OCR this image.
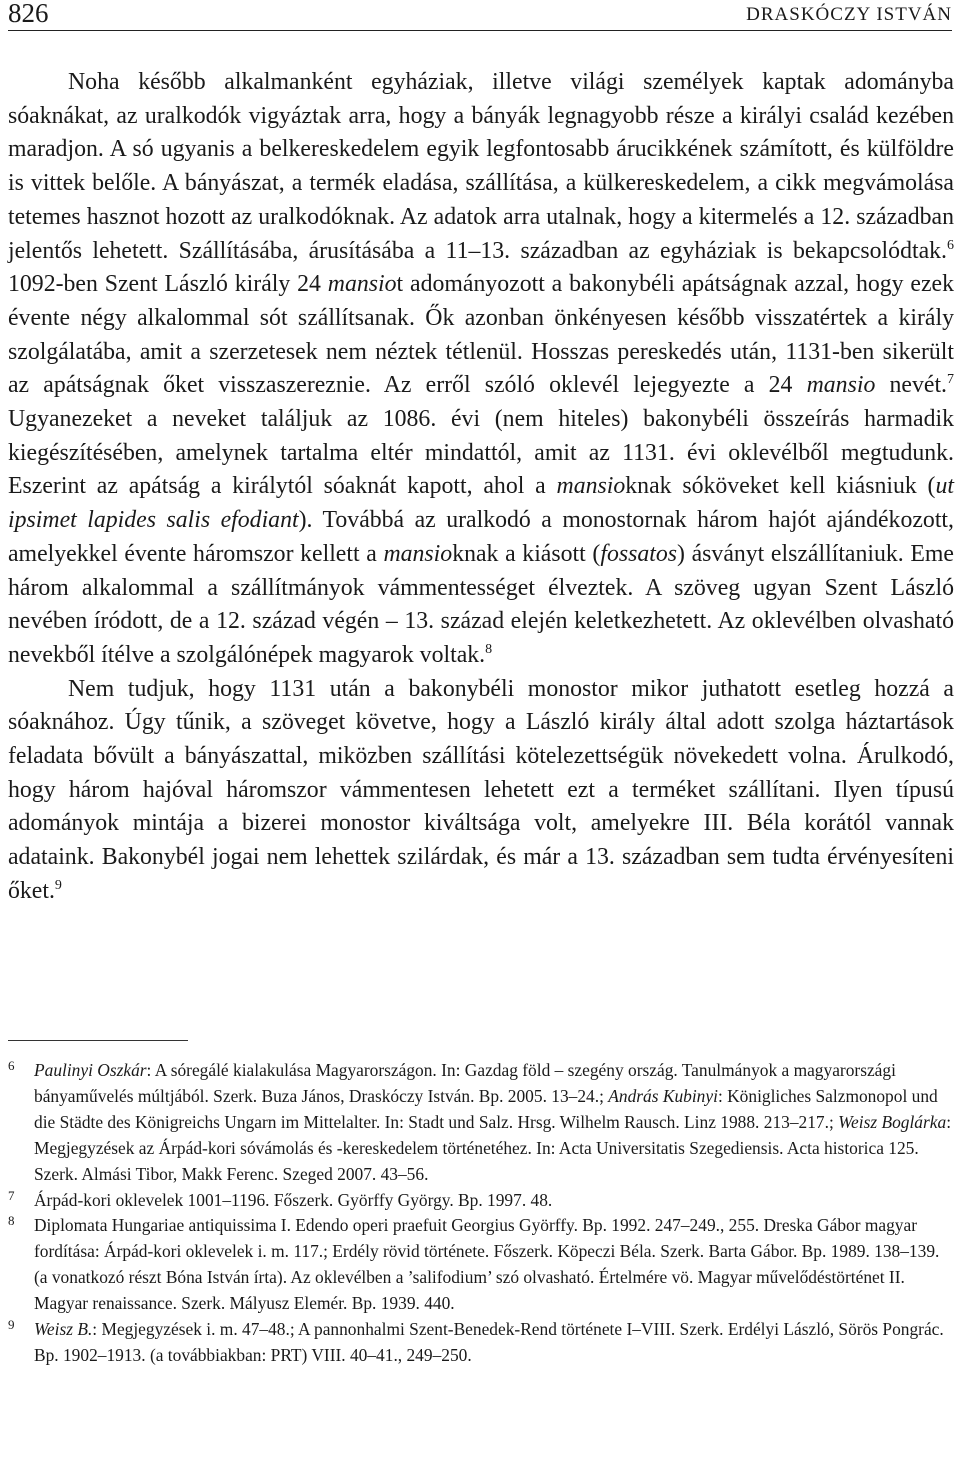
826	DRASKÓCZY ISTVÁN

Noha később alkalmanként egyháziak, illetve világi személyek kaptak adományba sóaknákat, az uralkodók vigyáztak arra, hogy a bányák legnagyobb része a királyi család kezében maradjon. A só ugyanis a belkereskedelem egyik legfontosabb árucikkének számított, és külföldre is vittek belőle. A bányászat, a termék eladása, szállítása, a külkereskedelem, a cikk megvámolása tetemes hasznot hozott az uralkodóknak. Az adatok arra utalnak, hogy a kitermelés a 12. században jelentős lehetett. Szállításába, árusításába a 11–13. században az egyháziak is bekapcsolódtak.$^6$ 1092-ben Szent László király 24 mansiot adományozott a bakonybéli apátságnak azzal, hogy ezek évente négy alkalommal sót szállítsanak. Ők azonban önkényesen később visszatértek a király szolgálatába, amit a szerzetesek nem néztek tétlenül. Hosszas pereskedés után, 1131-ben sikerült az apátságnak őket visszaszereznie. Az erről szóló oklevél lejegyezte a 24 mansio nevét.$^7$ Ugyanezeket a neveket találjuk az 1086. évi (nem hiteles) bakonybéli összeírás harmadik kiegészítésében, amelynek tartalma eltér mindattól, amit az 1131. évi oklevélből megtudunk. Eszerint az apátság a királytól sóaknát kapott, ahol a mansioknak sóköveket kell kiásniuk (ut ipsimet lapides salis efodiant). Továbbá az uralkodó a monostornak három hajót ajándékozott, amelyekkel évente háromszor kellett a mansioknak a kiásott (fossatos) ásványt elszállítaniuk. Eme három alkalommal a szállítmányok vámmentességet élveztek. A szöveg ugyan Szent László nevében íródott, de a 12. század végén – 13. század elején keletkezhetett. Az oklevélben olvasható nevekből ítélve a szolgálónépek magyarok voltak.$^8$

Nem tudjuk, hogy 1131 után a bakonybéli monostor mikor juthatott esetleg hozzá a sóaknához. Úgy tűnik, a szöveget követve, hogy a László király által adott szolga háztartások feladata bővült a bányászattal, miközben szállítási kötelezettségük növekedett volna. Árulkodó, hogy három hajóval háromszor vámmentesen lehetett ezt a terméket szállítani. Ilyen típusú adományok mintája a bizerei monostor kiváltsága volt, amelyekre III. Béla korától vannak adataink. Bakonybél jogai nem lehettek szilárdak, és már a 13. században sem tudta érvényesíteni őket.$^9$

6 Paulinyi Oszkár: A sóregálé kialakulása Magyarországon. In: Gazdag föld – szegény ország. Tanulmányok a magyarországi bányaművelés múltjából. Szerk. Buza János, Draskóczy István. Bp. 2005. 13–24.; András Kubinyi: Königliches Salzmonopol und die Städte des Königreichs Ungarn im Mittelalter. In: Stadt und Salz. Hrsg. Wilhelm Rausch. Linz 1988. 213–217.; Weisz Boglárka: Megjegyzések az Árpád-kori sóvámolás és -kereskedelem történetéhez. In: Acta Universitatis Szegediensis. Acta historica 125. Szerk. Almási Tibor, Makk Ferenc. Szeged 2007. 43–56.

7 Árpád-kori oklevelek 1001–1196. Főszerk. Györffy György. Bp. 1997. 48.

8 Diplomata Hungariae antiquissima I. Edendo operi praefuit Georgius Györffy. Bp. 1992. 247–249., 255. Dreska Gábor magyar fordítása: Árpád-kori oklevelek i. m. 117.; Erdély rövid története. Főszerk. Köpeczi Béla. Szerk. Barta Gábor. Bp. 1989. 138–139. (a vonatkozó részt Bóna István írta). Az oklevélben a ’salifodium’ szó olvasható. Értelmére vö. Magyar művelődéstörténet II. Magyar renaissance. Szerk. Mályusz Elemér. Bp. 1939. 440.

9 Weisz B.: Megjegyzések i. m. 47–48.; A pannonhalmi Szent-Benedek-Rend története I–VIII. Szerk. Erdélyi László, Sörös Pongrác. Bp. 1902–1913. (a továbbiakban: PRT) VIII. 40–41., 249–250.
